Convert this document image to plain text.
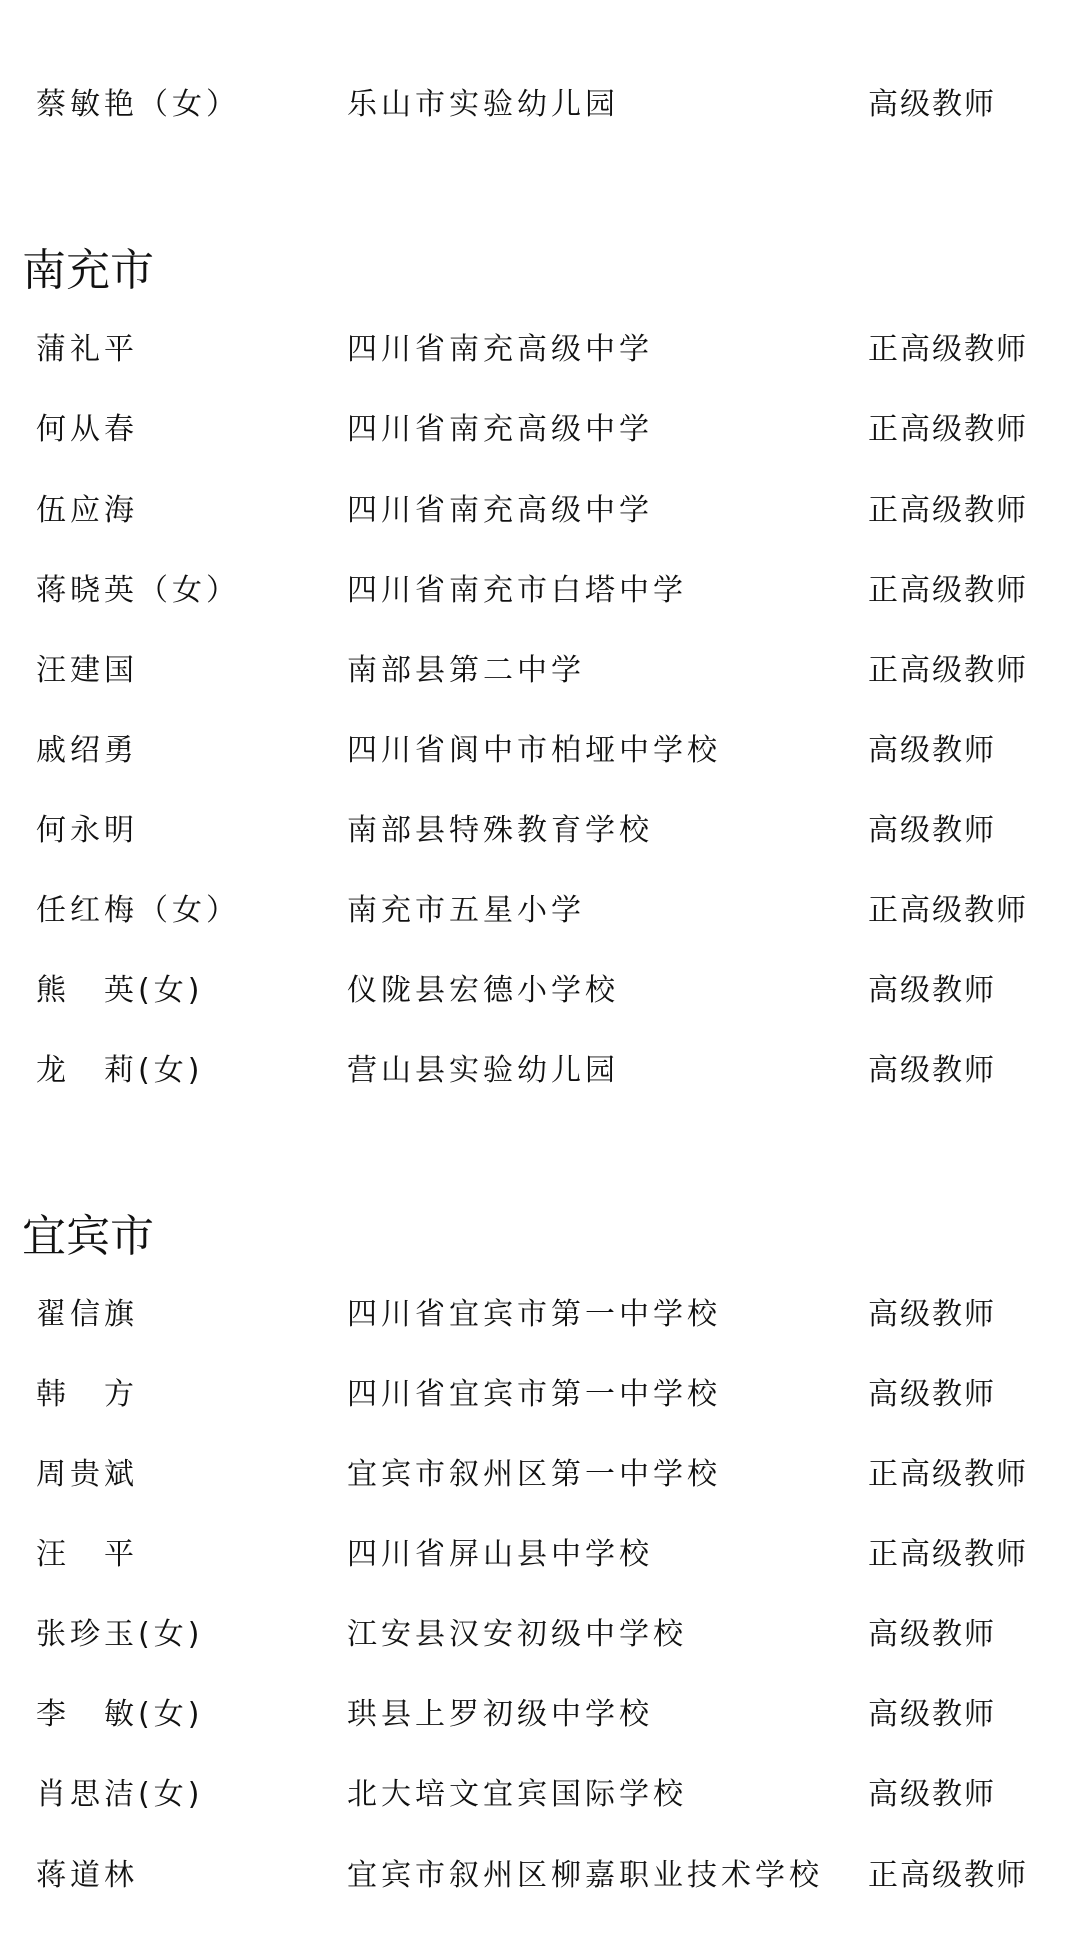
蔡敏艳（女）	乐山市实验幼儿园	高级教师
南充市
蒲礼平	四川省南充高级中学	正高级教师
何从春	四川省南充高级中学	正高级教师
伍应海	四川省南充高级中学	正高级教师
蒋晓英（女）	四川省南充市白塔中学	正高级教师
汪建国	南部县第二中学	正高级教师
戚绍勇	四川省阆中市柏垭中学校	高级教师
何永明	南部县特殊教育学校	高级教师
任红梅（女）	南充市五星小学	正高级教师
熊　英(女)	仪陇县宏德小学校	高级教师
龙　莉(女)	营山县实验幼儿园	高级教师
宜宾市
翟信旗	四川省宜宾市第一中学校	高级教师
韩　方	四川省宜宾市第一中学校	高级教师
周贵斌	宜宾市叙州区第一中学校	正高级教师
汪　平	四川省屏山县中学校	正高级教师
张珍玉(女)	江安县汉安初级中学校	高级教师
李　敏(女)	珙县上罗初级中学校	高级教师
肖思洁(女)	北大培文宜宾国际学校	高级教师
蒋道林	宜宾市叙州区柳嘉职业技术学校 正高级教师
